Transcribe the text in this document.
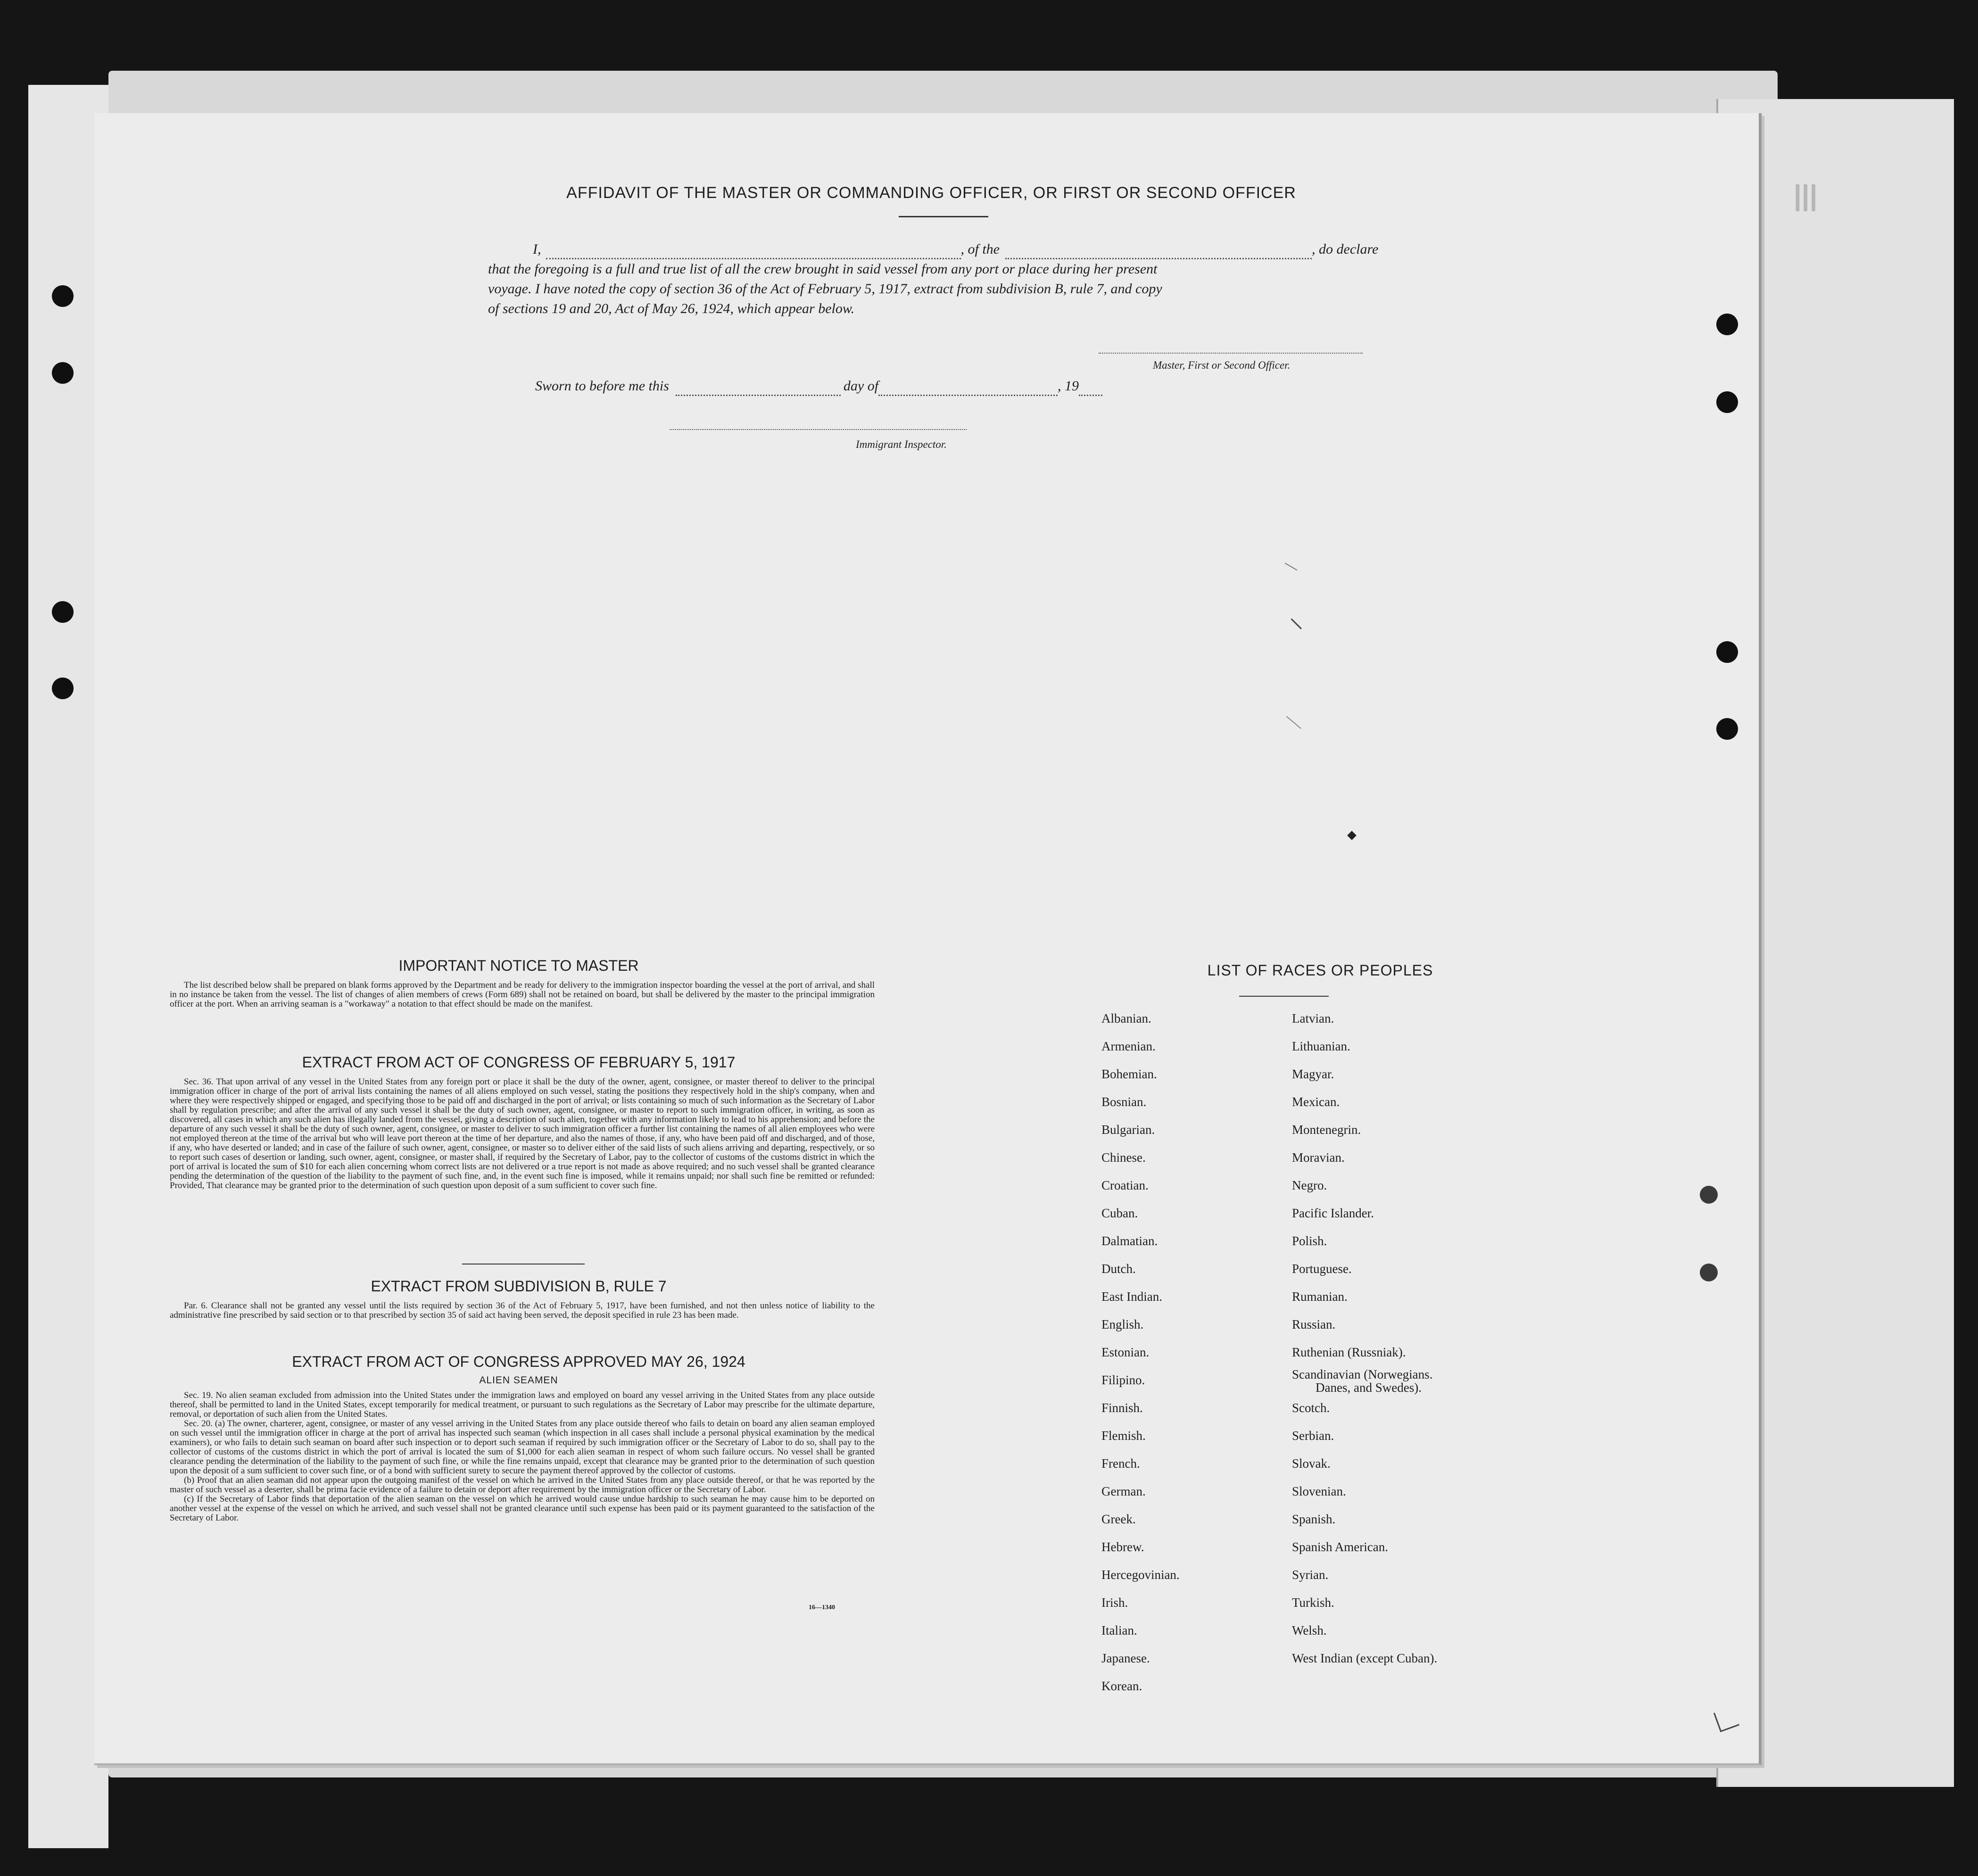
|||
AFFIDAVIT OF THE MASTER OR COMMANDING OFFICER, OR FIRST OR SECOND OFFICER
I,	, of the	, do declare
that the foregoing is a full and true list of all the crew brought in said vessel from any port or place during her present
voyage. I have noted the copy of section 36 of the Act of February 5, 1917, extract from subdivision B, rule 7, and copy
of sections 19 and 20, Act of May 26, 1924, which appear below.
Master, First or Second Officer.
Sworn to before me this	day of	, 19
Immigrant Inspector.
IMPORTANT NOTICE TO MASTER

The list described below shall be prepared on blank forms approved by the Department and be ready for delivery to the immigration inspector boarding the vessel at the port of arrival, and shall in no instance be taken from the vessel. The list of changes of alien members of crews (Form 689) shall not be retained on board, but shall be delivered by the master to the principal immigration officer at the port. When an arriving seaman is a "workaway" a notation to that effect should be made on the manifest.

EXTRACT FROM ACT OF CONGRESS OF FEBRUARY 5, 1917

Sec. 36. That upon arrival of any vessel in the United States from any foreign port or place it shall be the duty of the owner, agent, consignee, or master thereof to deliver to the principal immigration officer in charge of the port of arrival lists containing the names of all aliens employed on such vessel, stating the positions they respectively hold in the ship's company, when and where they were respectively shipped or engaged, and specifying those to be paid off and discharged in the port of arrival; or lists containing so much of such information as the Secretary of Labor shall by regulation prescribe; and after the arrival of any such vessel it shall be the duty of such owner, agent, consignee, or master to report to such immigration officer, in writing, as soon as discovered, all cases in which any such alien has illegally landed from the vessel, giving a description of such alien, together with any information likely to lead to his apprehension; and before the departure of any such vessel it shall be the duty of such owner, agent, consignee, or master to deliver to such immigration officer a further list containing the names of all alien employees who were not employed thereon at the time of the arrival but who will leave port thereon at the time of her departure, and also the names of those, if any, who have been paid off and discharged, and of those, if any, who have deserted or landed; and in case of the failure of such owner, agent, consignee, or master so to deliver either of the said lists of such aliens arriving and departing, respectively, or so to report such cases of desertion or landing, such owner, agent, consignee, or master shall, if required by the Secretary of Labor, pay to the collector of customs of the customs district in which the port of arrival is located the sum of $10 for each alien concerning whom correct lists are not delivered or a true report is not made as above required; and no such vessel shall be granted clearance pending the determination of the question of the liability to the payment of such fine, and, in the event such fine is imposed, while it remains unpaid; nor shall such fine be remitted or refunded: Provided, That clearance may be granted prior to the determination of such question upon deposit of a sum sufficient to cover such fine.

EXTRACT FROM SUBDIVISION B, RULE 7

Par. 6. Clearance shall not be granted any vessel until the lists required by section 36 of the Act of February 5, 1917, have been furnished, and not then unless notice of liability to the administrative fine prescribed by said section or to that prescribed by section 35 of said act having been served, the deposit specified in rule 23 has been made.

EXTRACT FROM ACT OF CONGRESS APPROVED MAY 26, 1924
ALIEN SEAMEN

Sec. 19. No alien seaman excluded from admission into the United States under the immigration laws and employed on board any vessel arriving in the United States from any place outside thereof, shall be permitted to land in the United States, except temporarily for medical treatment, or pursuant to such regulations as the Secretary of Labor may prescribe for the ultimate departure, removal, or deportation of such alien from the United States.

Sec. 20. (a) The owner, charterer, agent, consignee, or master of any vessel arriving in the United States from any place outside thereof who fails to detain on board any alien seaman employed on such vessel until the immigration officer in charge at the port of arrival has inspected such seaman (which inspection in all cases shall include a personal physical examination by the medical examiners), or who fails to detain such seaman on board after such inspection or to deport such seaman if required by such immigration officer or the Secretary of Labor to do so, shall pay to the collector of customs of the customs district in which the port of arrival is located the sum of $1,000 for each alien seaman in respect of whom such failure occurs. No vessel shall be granted clearance pending the determination of the liability to the payment of such fine, or while the fine remains unpaid, except that clearance may be granted prior to the determination of such question upon the deposit of a sum sufficient to cover such fine, or of a bond with sufficient surety to secure the payment thereof approved by the collector of customs.

(b) Proof that an alien seaman did not appear upon the outgoing manifest of the vessel on which he arrived in the United States from any place outside thereof, or that he was reported by the master of such vessel as a deserter, shall be prima facie evidence of a failure to detain or deport after requirement by the immigration officer or the Secretary of Labor.

(c) If the Secretary of Labor finds that deportation of the alien seaman on the vessel on which he arrived would cause undue hardship to such seaman he may cause him to be deported on another vessel at the expense of the vessel on which he arrived, and such vessel shall not be granted clearance until such expense has been paid or its payment guaranteed to the satisfaction of the Secretary of Labor.

16—1340
LIST OF RACES OR PEOPLES
Albanian.
Armenian.
Bohemian.
Bosnian.
Bulgarian.
Chinese.
Croatian.
Cuban.
Dalmatian.
Dutch.
East Indian.
English.
Estonian.
Filipino.
Finnish.
Flemish.
French.
German.
Greek.
Hebrew.
Hercegovinian.
Irish.
Italian.
Japanese.
Korean.
Latvian.
Lithuanian.
Magyar.
Mexican.
Montenegrin.
Moravian.
Negro.
Pacific Islander.
Polish.
Portuguese.
Rumanian.
Russian.
Ruthenian (Russniak).
Scandinavian (Norwegians.
Scotch.
Serbian.
Slovak.
Slovenian.
Spanish.
Spanish American.
Syrian.
Turkish.
Welsh.
West Indian (except Cuban).
Danes, and Swedes).
